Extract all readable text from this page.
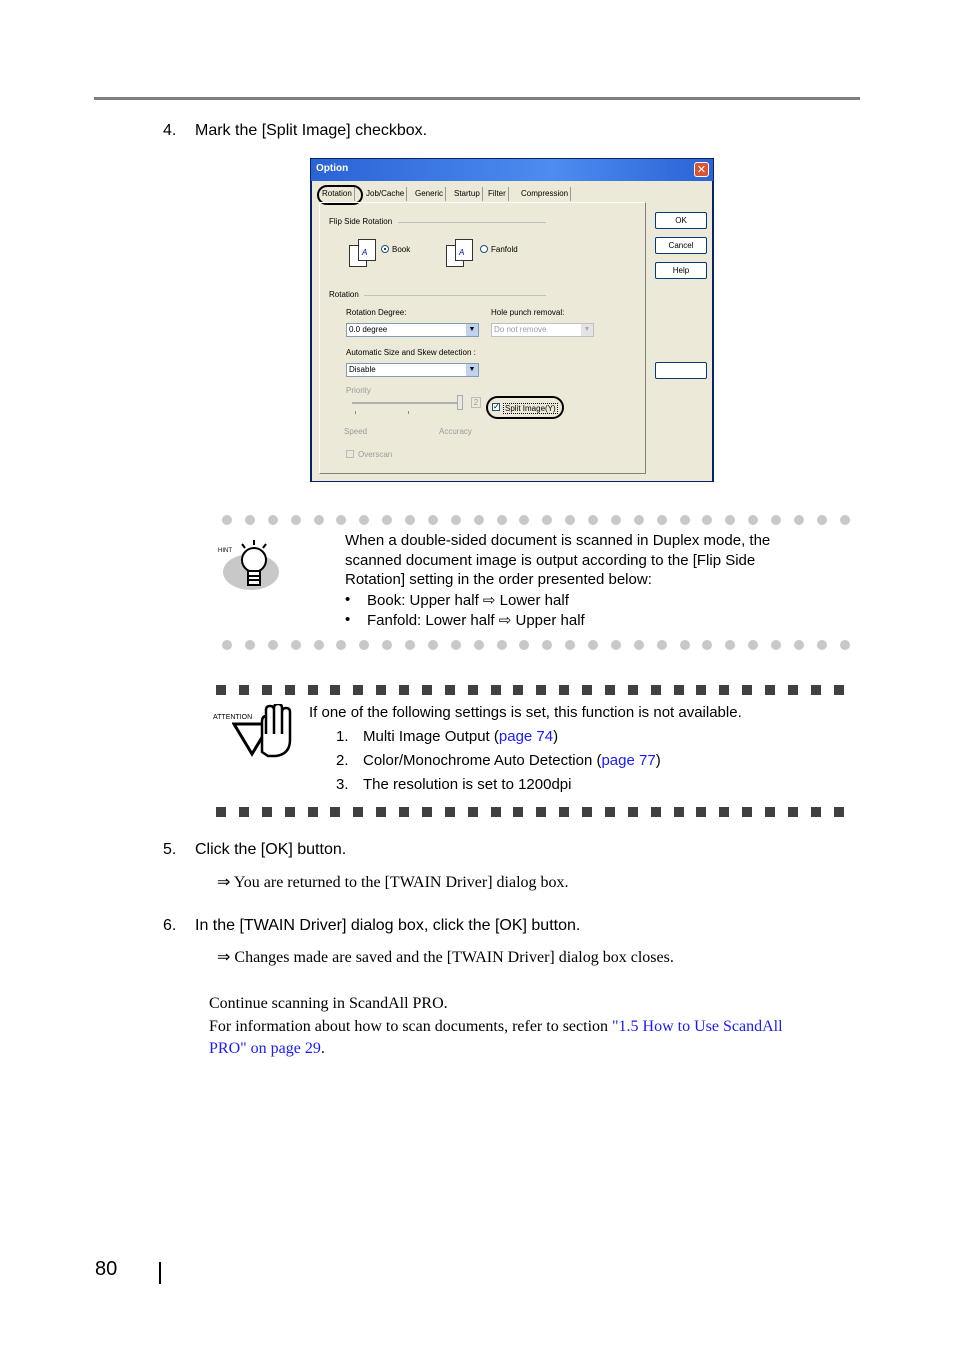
4. Mark the [Split Image] checkbox.
Option	✕
Rotation	Job/Cache	Generic	Startup	Filter	Compression
OK
Cancel
Help
Flip Side Rotation
A	Book	A	Fanfold
Rotation
Rotation Degree:
0.0 degree	▼
Hole punch removal:
Do not remove	▼
Automatic Size and Skew detection :
Disable	▼
Priority
2
Speed	Accuracy
✓ Split Image(Y)
Overscan
HINT
When a double-sided document is scanned in Duplex mode, the
scanned document image is output according to the [Flip Side
Rotation] setting in the order presented below:
• Book: Upper half ⇨ Lower half
• Fanfold: Lower half ⇨ Upper half
ATTENTION	If one of the following settings is set, this function is not available.
1. Multi Image Output (page 74)
2. Color/Monochrome Auto Detection (page 77)
3. The resolution is set to 1200dpi
5. Click the [OK] button.
⇒ You are returned to the [TWAIN Driver] dialog box.
6. In the [TWAIN Driver] dialog box, click the [OK] button.
⇒ Changes made are saved and the [TWAIN Driver] dialog box closes.
Continue scanning in ScandAll PRO.
For information about how to scan documents, refer to section "1.5 How to Use ScandAll
PRO" on page 29.
80
